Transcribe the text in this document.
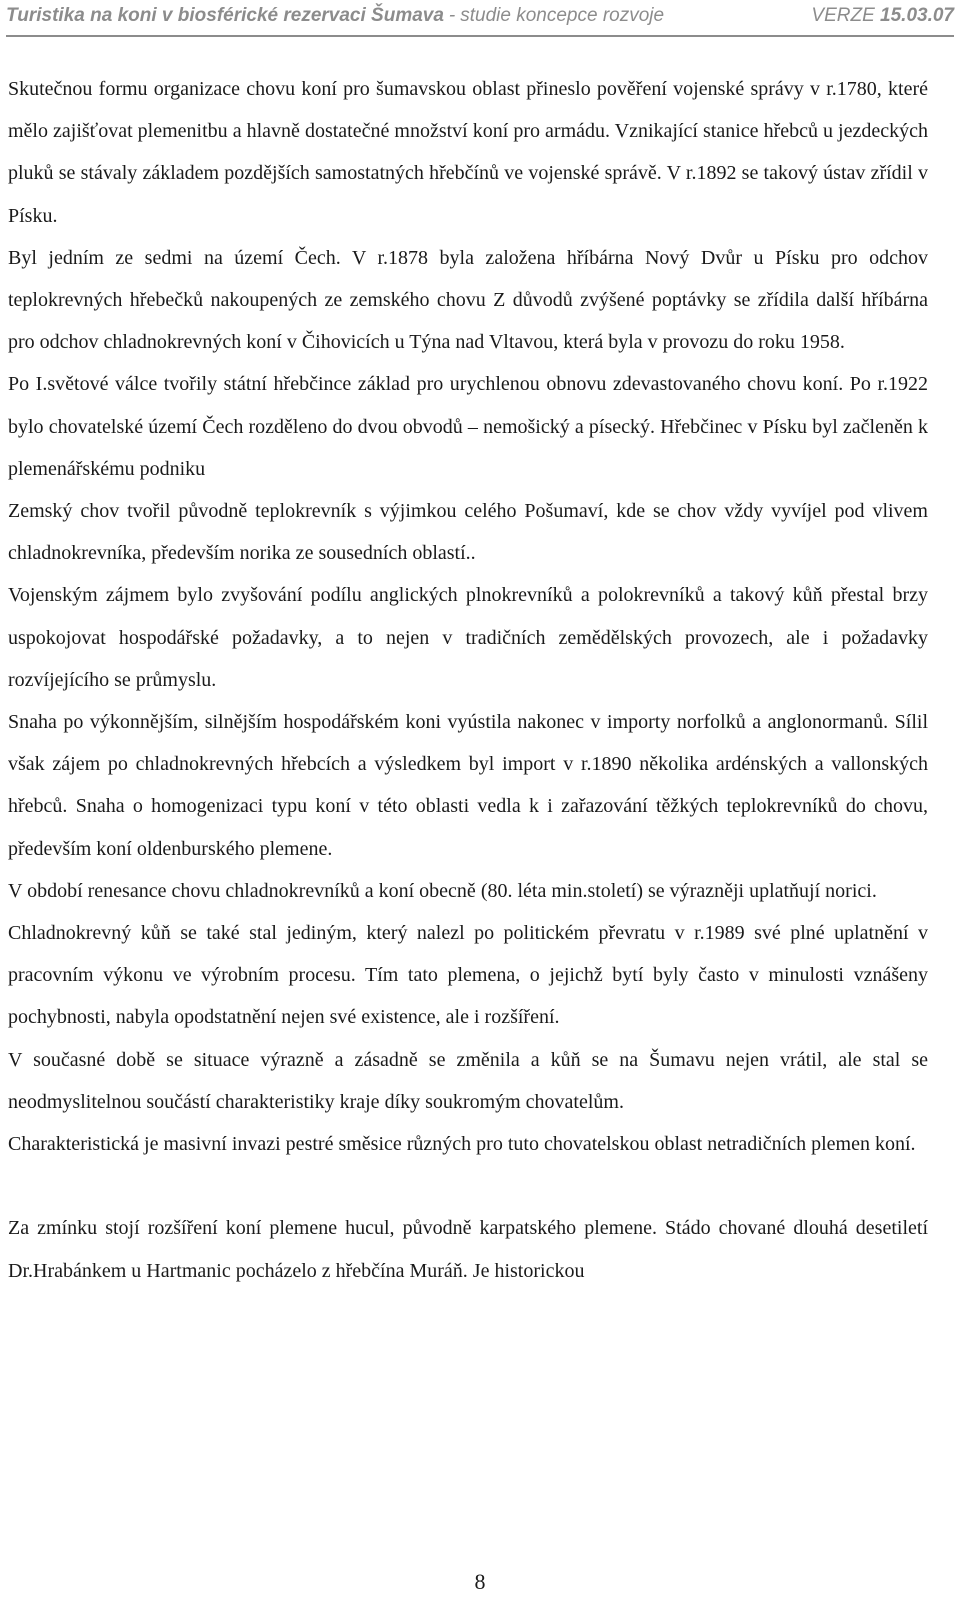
Turistika na koni v biosférické rezervaci Šumava - studie koncepce rozvoje	VERZE 15.03.07

Skutečnou formu organizace chovu koní pro šumavskou oblast přineslo pověření vojenské správy v r.1780, které mělo zajišťovat plemenitbu a hlavně dostatečné množství koní pro armádu. Vznikající stanice hřebců u jezdeckých pluků se stávaly základem pozdějších samostatných hřebčínů ve vojenské správě. V r.1892 se takový ústav zřídil v Písku.

Byl jedním ze sedmi na území Čech. V r.1878 byla založena hříbárna Nový Dvůr u Písku pro odchov teplokrevných hřebečků nakoupených ze zemského chovu Z důvodů zvýšené poptávky se zřídila další hříbárna pro odchov chladnokrevných koní v Čihovicích u Týna nad Vltavou, která byla v provozu do roku 1958.

Po I.světové válce tvořily státní hřebčince základ pro urychlenou obnovu zdevastovaného chovu koní. Po r.1922 bylo chovatelské území Čech rozděleno do dvou obvodů – nemošický a písecký. Hřebčinec v Písku byl začleněn k plemenářskému podniku

Zemský chov tvořil původně teplokrevník s výjimkou celého Pošumaví, kde se chov vždy vyvíjel pod vlivem chladnokrevníka, především norika ze sousedních oblastí..

Vojenským zájmem bylo zvyšování podílu anglických plnokrevníků a polokrevníků a takový kůň přestal brzy uspokojovat hospodářské požadavky, a to nejen v tradičních zemědělských provozech, ale i požadavky rozvíjejícího se průmyslu.

Snaha po výkonnějším, silnějším hospodářském koni vyústila nakonec v importy norfolků a anglonormanů. Sílil však zájem po chladnokrevných hřebcích a výsledkem byl import v r.1890 několika ardénských a vallonských hřebců. Snaha o homogenizaci typu koní v této oblasti vedla k i zařazování těžkých teplokrevníků do chovu, především koní oldenburského plemene.

V období renesance chovu chladnokrevníků a koní obecně (80. léta min.století) se výrazněji uplatňují norici.

Chladnokrevný kůň se také stal jediným, který nalezl po politickém převratu v r.1989 své plné uplatnění v pracovním výkonu ve výrobním procesu. Tím tato plemena, o jejichž bytí byly často v minulosti vznášeny pochybnosti, nabyla opodstatnění nejen své existence, ale i rozšíření.

V současné době se situace výrazně a zásadně se změnila a kůň se na Šumavu nejen vrátil, ale stal se neodmyslitelnou součástí charakteristiky kraje díky soukromým chovatelům.

Charakteristická je masivní invazi pestré směsice různých pro tuto chovatelskou oblast netradičních plemen koní.

Za zmínku stojí rozšíření koní plemene hucul, původně karpatského plemene. Stádo chované dlouhá desetiletí Dr.Hrabánkem u Hartmanic pocházelo z hřebčína Muráň. Je historickou

8
